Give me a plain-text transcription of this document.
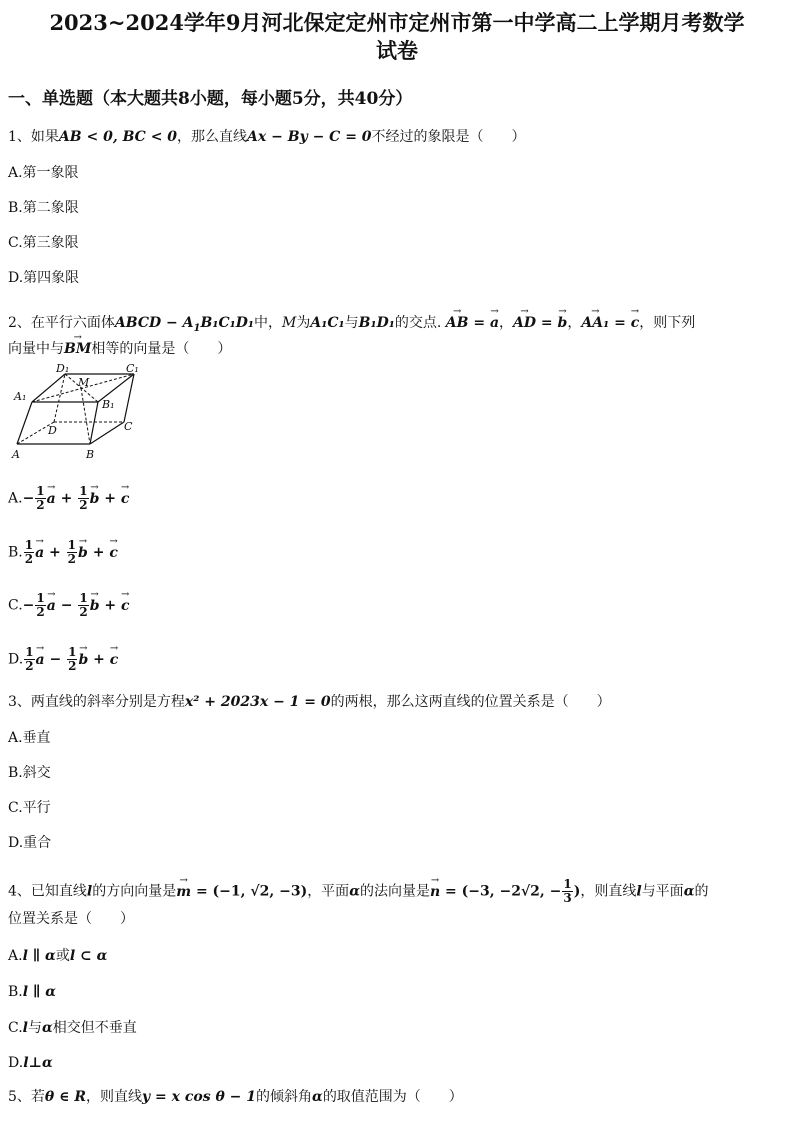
2023~2024学年9月河北保定定州市定州市第一中学高二上学期月考数学
试卷
一、单选题（本大题共8小题，每小题5分，共40分）
1、如果AB < 0, BC < 0，那么直线Ax − By − C = 0不经过的象限是（　　）
A.第一象限
B.第二象限
C.第三象限
D.第四象限
2、在平行六面体ABCD − $A_1B_1C_1D_1$中，M为A₁C₁与B₁D₁的交点. → AB = → a，→ AD = → b，→ AA₁ = → c，则下列
向量中与→ BM相等的向量是（　　）
A	B
C
D
A₁
B₁
C₁
D₁
M
$A.- \frac{1}{2}$
→ $a + \frac{1}{2}$
→ b + → c
B. $\frac{1}{2}$
→ $a + \frac{1}{2}$
→ b + → c
$C.- \frac{1}{2}$
→ $a - \frac{1}{2}$
→ b + → c
D. $\frac{1}{2}$
→ $a - \frac{1}{2}$
→ b + → c
3、两直线的斜率分别是方程x² + 2023x − 1 = 0的两根，那么这两直线的位置关系是（　　）
A.垂直
B.斜交
C.平行
D.重合
4、已知直线l的方向向量是→ m = (−1, √2, −3)，平面α的法向量是→ n = (−3, −2√2, − $\frac{1}{3}$ )，则直线l与平面α的
位置关系是（　　）
A.l ∥ α或l ⊂ α
B.l ∥ α
C.l与α相交但不垂直
D.l⊥α
5、若θ ∈ R，则直线y = x cos θ − 1的倾斜角α的取值范围为（　　）
